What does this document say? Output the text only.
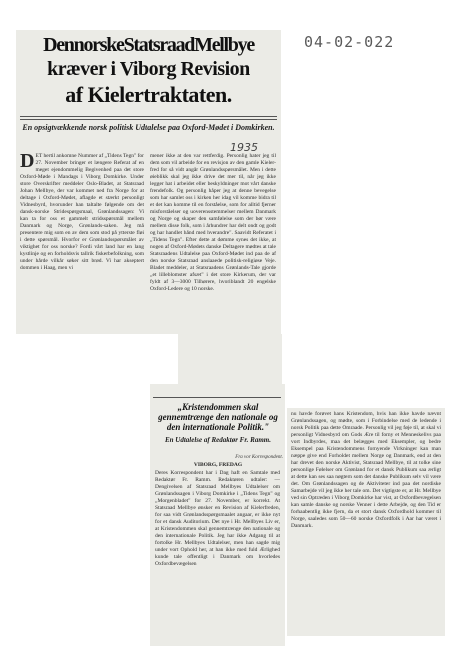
04-02-022
DennorskeStatsraadMellbye
kræver i Viborg Revision
af Kielertraktaten.
En opsigtvækkende norsk politisk Udtalelse paa Oxford-Mødet i Domkirken.
1935
DET hertil ankomne Nummer af „Tidens Tegn" for 27. November bringer et længere Referat af en meget ejendommelig Begivenhed paa det store Oxford-Møde i Mandags i Viborg Domkirke. Under store Overskrifter meddeler Oslo-Bladet, at Statsraad Johan Mellbye, der var kommet ned fra Norge for at deltage i Oxford-Mødet, aflagde et stærkt personligt Vidnesbyrd, hvorunder han taltalte følgende om det dansk-norske Stridespørgsmaal, Grønlandssagen: Vi kan ta for oss et gammelt stridsspørsmål mellem Danmark og Norge, Grønlands-saken. Jeg må presentere mig som en av dem som stod på ytterste fløi i dette spørsmål. Hvorfor er Grønlandsspørsmålet av viktighet for oss norske? Fordi vårt land har en lang kystlinje og en forholdsvis tallrik fiskerbefolkning, som under hårde vilkår søker sitt brød. Vi har akseptert dommen i Haag, men vi

mener ikke at den var rettferdig. Personlig hater jeg til dem som vil arbeide for en revisjon av den gamle Kieler-fred for så vidt angår Grønlandsspørsmålet. Men i dette øieblikk skal jeg ikke drive det mer til, når jeg ikke legger hat i arbeidet eller beskyldninger mot vårt danske frendefolk. Og personlig håper jeg at denne bevegelse som har samlet oss i kirken her idag vil komme bidra til et det kan komme til en forståelse, som for alltid fjerner misforståelser og uoverensstemmelser mellem Danmark og Norge og skaper den samfølelse som der bør være mellem disse folk, som i århundrer har delt ondt og godt og har handlet hånd med hverandre". Saavidt Referatet i „Tidens Tegn". Efter dette at dømme synes det ikke, at nogen af Oxford-Mødets danske Deltagere mødtes at tale Statsraadens Udtalelse paa Oxford-Mødet ind paa de af den norske Statsraad anslaaede politisk-religiøse Veje. Bladet meddeler, at Statsraadens Grønlands-Tale gjorde „et lilleblomster afsæt" i det store Kirkerum, der var fyldt af 3—3000 Tilhørere, hvoriblandt 20 engelske Oxford-Ledere og 10 norske.

„Kristendommen skal gennemtrænge den nationale og den internationale Politik."
En Udtalelse af Redaktør Fr. Ramm.
Fra vor Korrespondent.
VIBORG, FREDAG

Deres Korrespondent har i Dag haft en Samtale med Redaktør Fr. Ramm. Redaktøren udtaler: — Dengivelsen af Statsraad Mellbyes Udtalelser om Grønlandssagen i Viborg Domkirke i „Tidens Tegn" og „Morgenbladet" for 27. November, er korrekt. At Statsraad Mellbye ønsker en Revision af Kielerfreden, for saa vidt Grønlandsspørgsmaalet angaar, er ikke nyt for et dansk Auditorium. Det nye i Hr. Mellbyes Liv er, at Kristendommen skal gennemtrænge den nationale og den internationale Politik. Jeg har ikke Adgang til at fortolke Hr. Mellbyes Udtalelser, men han sagde mig under vort Ophold her, at han ikke med fuld Ærlighed kunde tale offentligt i Danmark om hvorledes Oxfordbevægelsen

nu havde forøvet hans Kristendom, hvis han ikke havde nævnt Grønlandssagen, og mødte, som i Forbindelse med de ledende i norsk Politik paa dette Omraade. Personlig vil jeg føje til, at skal vi personligt Vidnesbyrd om Gods Ære til forny et Menneskelivs paa vort Indbyrdes, maa det belægges med Eksempler, og bedre Eksempel paa Kristendommens fornyende Virkninger kan man næppe give end Forholdet mellem Norge og Danmark, end at den har drevet den norske Aktivist, Statsraad Mellbye, til at tolke sine personlige Følelser om Grønland for et dansk Publikum saa ærligt at dette kan ses saa nøgtern som det danske Publikum selv vil være det. Om Grønlandssagen og de Aktiviteter ind paa det nordiske Samarbejde vil jeg ikke her tale om. Det vigtigste er, at Hr. Mellbye ved sin Optræden i Viborg Domkirke har vist, at Oxfordbevægelsen kan samle danske og norske Venner i dette Arbejde, og den Tid er forhaabentlig ikke fjern, da et stort dansk Oxfordhold kommer til Norge, saaledes som 50—60 norske Oxfordfolk i Aar har været i Danmark.
